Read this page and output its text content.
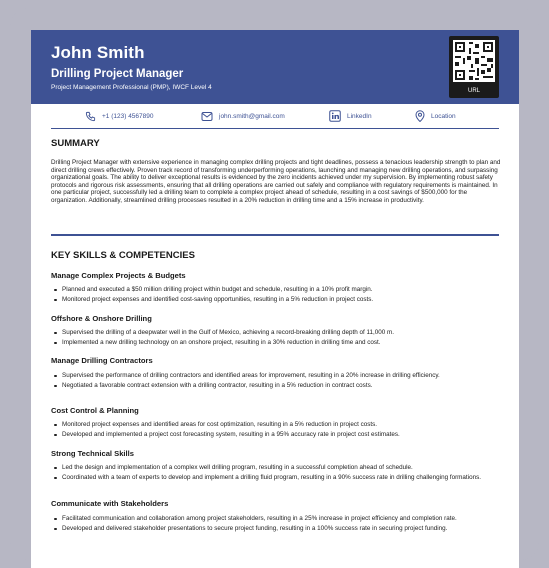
John Smith
Drilling Project Manager
Project Management Professional (PMP), IWCF Level 4	URL
+1 (123) 4567890	john.smith@gmail.com	LinkedIn	Location
SUMMARY
Drilling Project Manager with extensive experience in managing complex drilling projects and tight deadlines, possess a tenacious leadership strength to plan and direct drilling crews effectively. Proven track record of transforming underperforming operations, launching and managing new drilling operations, and surpassing organizational goals. The ability to deliver exceptional results is evidenced by the zero incidents achieved under my supervision. By implementing robust safety protocols and rigorous risk assessments, ensuring that all drilling operations are carried out safely and compliance with regulatory requirements is maintained. In one particular project, successfully led a drilling team to complete a complex project ahead of schedule, resulting in a cost savings of $500,000 for the organization. Additionally, streamlined drilling processes resulted in a 20% reduction in drilling time and a 15% increase in productivity.
KEY SKILLS & COMPETENCIES
Manage Complex Projects & Budgets
Planned and executed a $50 million drilling project within budget and schedule, resulting in a 10% profit margin.
Monitored project expenses and identified cost-saving opportunities, resulting in a 5% reduction in project costs.
Offshore & Onshore Drilling
Supervised the drilling of a deepwater well in the Gulf of Mexico, achieving a record-breaking drilling depth of 11,000 m.
Implemented a new drilling technology on an onshore project, resulting in a 30% reduction in drilling time and cost.
Manage Drilling Contractors
Supervised the performance of drilling contractors and identified areas for improvement, resulting in a 20% increase in drilling efficiency.
Negotiated a favorable contract extension with a drilling contractor, resulting in a 5% reduction in contract costs.
Cost Control & Planning
Monitored project expenses and identified areas for cost optimization, resulting in a 5% reduction in project costs.
Developed and implemented a project cost forecasting system, resulting in a 95% accuracy rate in project cost estimates.
Strong Technical Skills
Led the design and implementation of a complex well drilling program, resulting in a successful completion ahead of schedule.
Coordinated with a team of experts to develop and implement a drilling fluid program, resulting in a 90% success rate in drilling challenging formations.
Communicate with Stakeholders
Facilitated communication and collaboration among project stakeholders, resulting in a 25% increase in project efficiency and completion rate.
Developed and delivered stakeholder presentations to secure project funding, resulting in a 100% success rate in securing project funding.
